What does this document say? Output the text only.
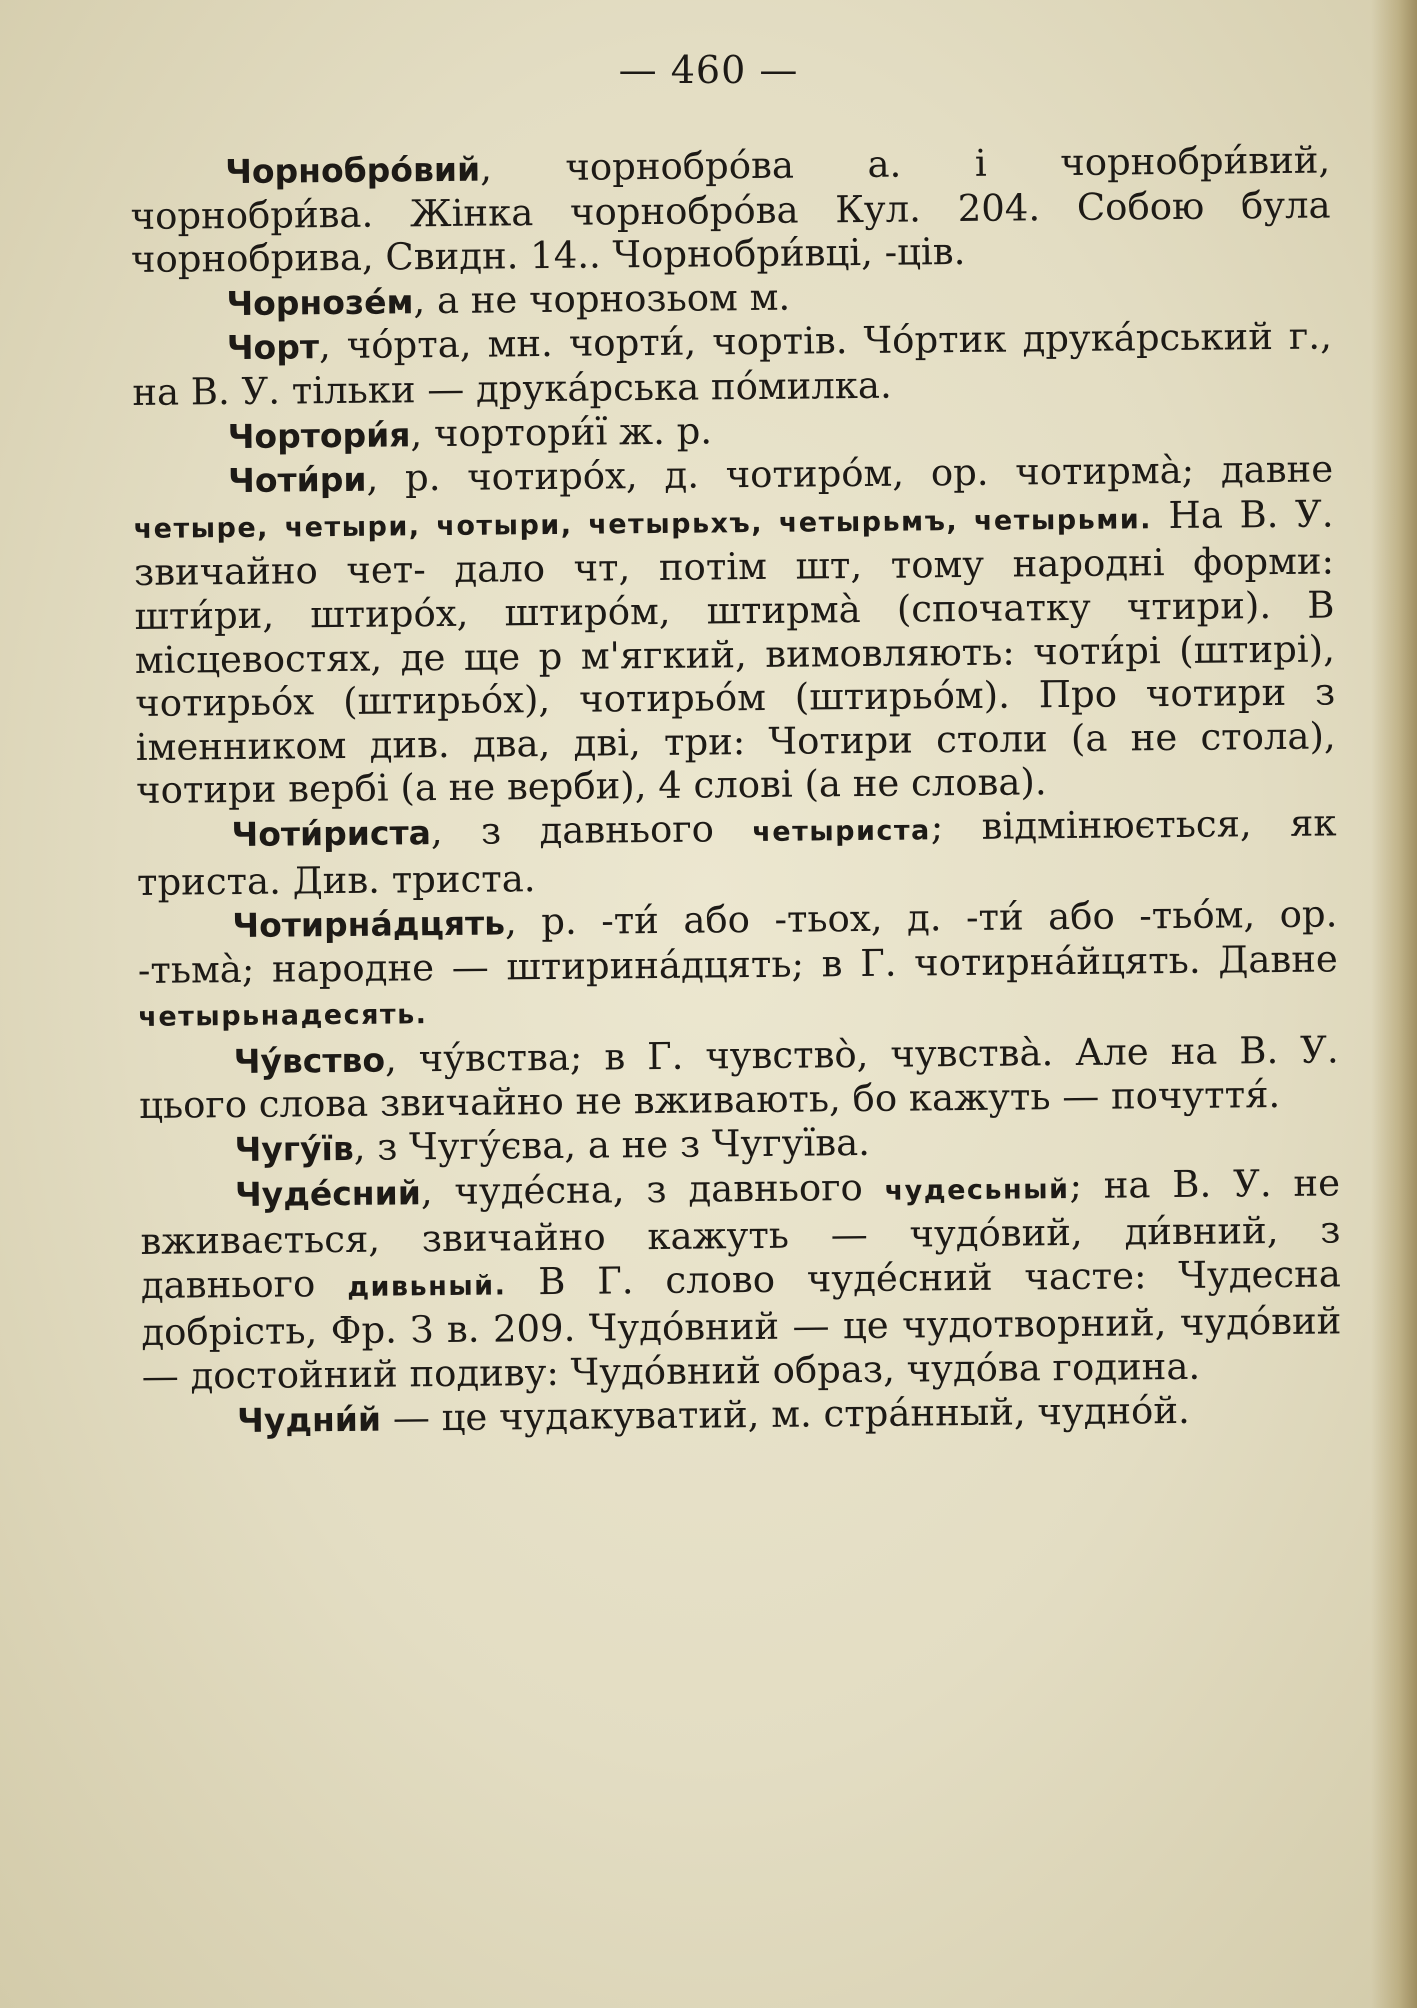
— 460 —

Чорнобро́вий, чорнобро́ва а. і чорнобри́вий, чорнобри́ва. Жінка чорнобро́ва Кул. 204. Собою була чорнобрива, Свидн. 14.. Чорнобри́вці, -ців.

Чорнозе́м, а не чорнозьом м.

Чорт, чо́рта, мн. чорти́, чортів. Чо́ртик друка́рський г., на В. У. тільки — друка́рська по́милка.

Чортори́я, чортори́ї ж. р.

Чоти́ри, р. чотиро́х, д. чотиро́м, ор. чотирма̀; давне четыре, четыри, чотыри, четырьхъ, четырьмъ, четырьми. На В. У. звичайно чет- дало чт, потім шт, тому народні форми: шти́ри, штиро́х, штиро́м, штирма̀ (спочатку чтири). В місцевостях, де ще р м'ягкий, вимовляють: чоти́рі (штирі), чотирьо́х (штирьо́х), чотирьо́м (штирьо́м). Про чотири з іменником див. два, дві, три: Чотири столи (а не стола), чотири вербі (а не верби), 4 слові (а не слова).

Чоти́риста, з давнього четыриста; відмінюється, як триста. Див. триста.

Чотирна́дцять, р. -ти́ або -тьох, д. -ти́ або -тьо́м, ор. -тьма̀; народне — штирина́дцять; в Г. чотирна́йцять. Давне четырьнадесять.

Чу́вство, чу́вства; в Г. чувство̀, чувства̀. Але на В. У. цього слова звичайно не вживають, бо кажуть — почуття́.

Чугу́їв, з Чугу́єва, а не з Чугуїва.

Чуде́сний, чуде́сна, з давнього чудесьный; на В. У. не вживається, звичайно кажуть — чудо́вий, ди́вний, з давнього дивьный. В Г. слово чуде́сний часте: Чудесна добрість, Фр. З в. 209. Чудо́вний — це чудотворний, чудо́вий — достойний подиву: Чудо́вний образ, чудо́ва година.

Чудни́й — це чудакуватий, м. стра́нный, чудно́й.
